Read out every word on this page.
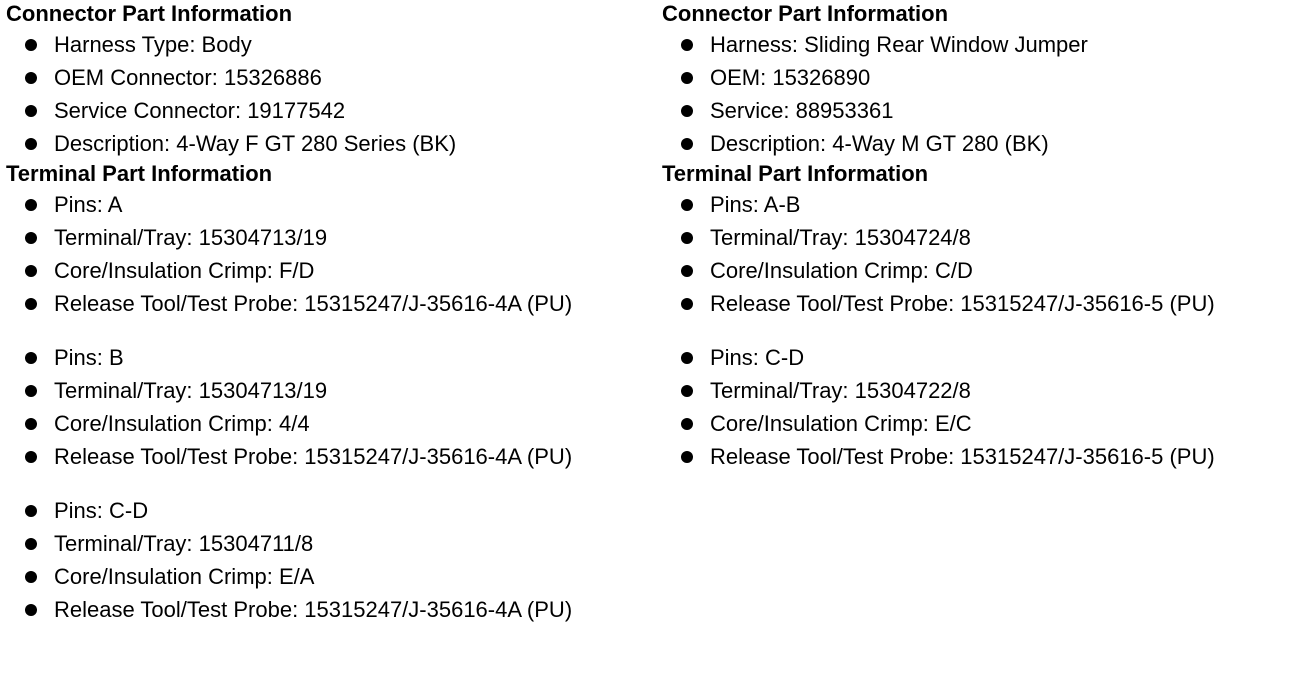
Connector Part Information
Harness Type: Body
OEM Connector: 15326886
Service Connector: 19177542
Description: 4-Way F GT 280 Series (BK)
Terminal Part Information
Pins: A
Terminal/Tray: 15304713/19
Core/Insulation Crimp: F/D
Release Tool/Test Probe: 15315247/J-35616-4A (PU)
Pins: B
Terminal/Tray: 15304713/19
Core/Insulation Crimp: 4/4
Release Tool/Test Probe: 15315247/J-35616-4A (PU)
Pins: C-D
Terminal/Tray: 15304711/8
Core/Insulation Crimp: E/A
Release Tool/Test Probe: 15315247/J-35616-4A (PU)
Connector Part Information
Harness: Sliding Rear Window Jumper
OEM: 15326890
Service: 88953361
Description: 4-Way M GT 280 (BK)
Terminal Part Information
Pins: A-B
Terminal/Tray: 15304724/8
Core/Insulation Crimp: C/D
Release Tool/Test Probe: 15315247/J-35616-5 (PU)
Pins: C-D
Terminal/Tray: 15304722/8
Core/Insulation Crimp: E/C
Release Tool/Test Probe: 15315247/J-35616-5 (PU)
